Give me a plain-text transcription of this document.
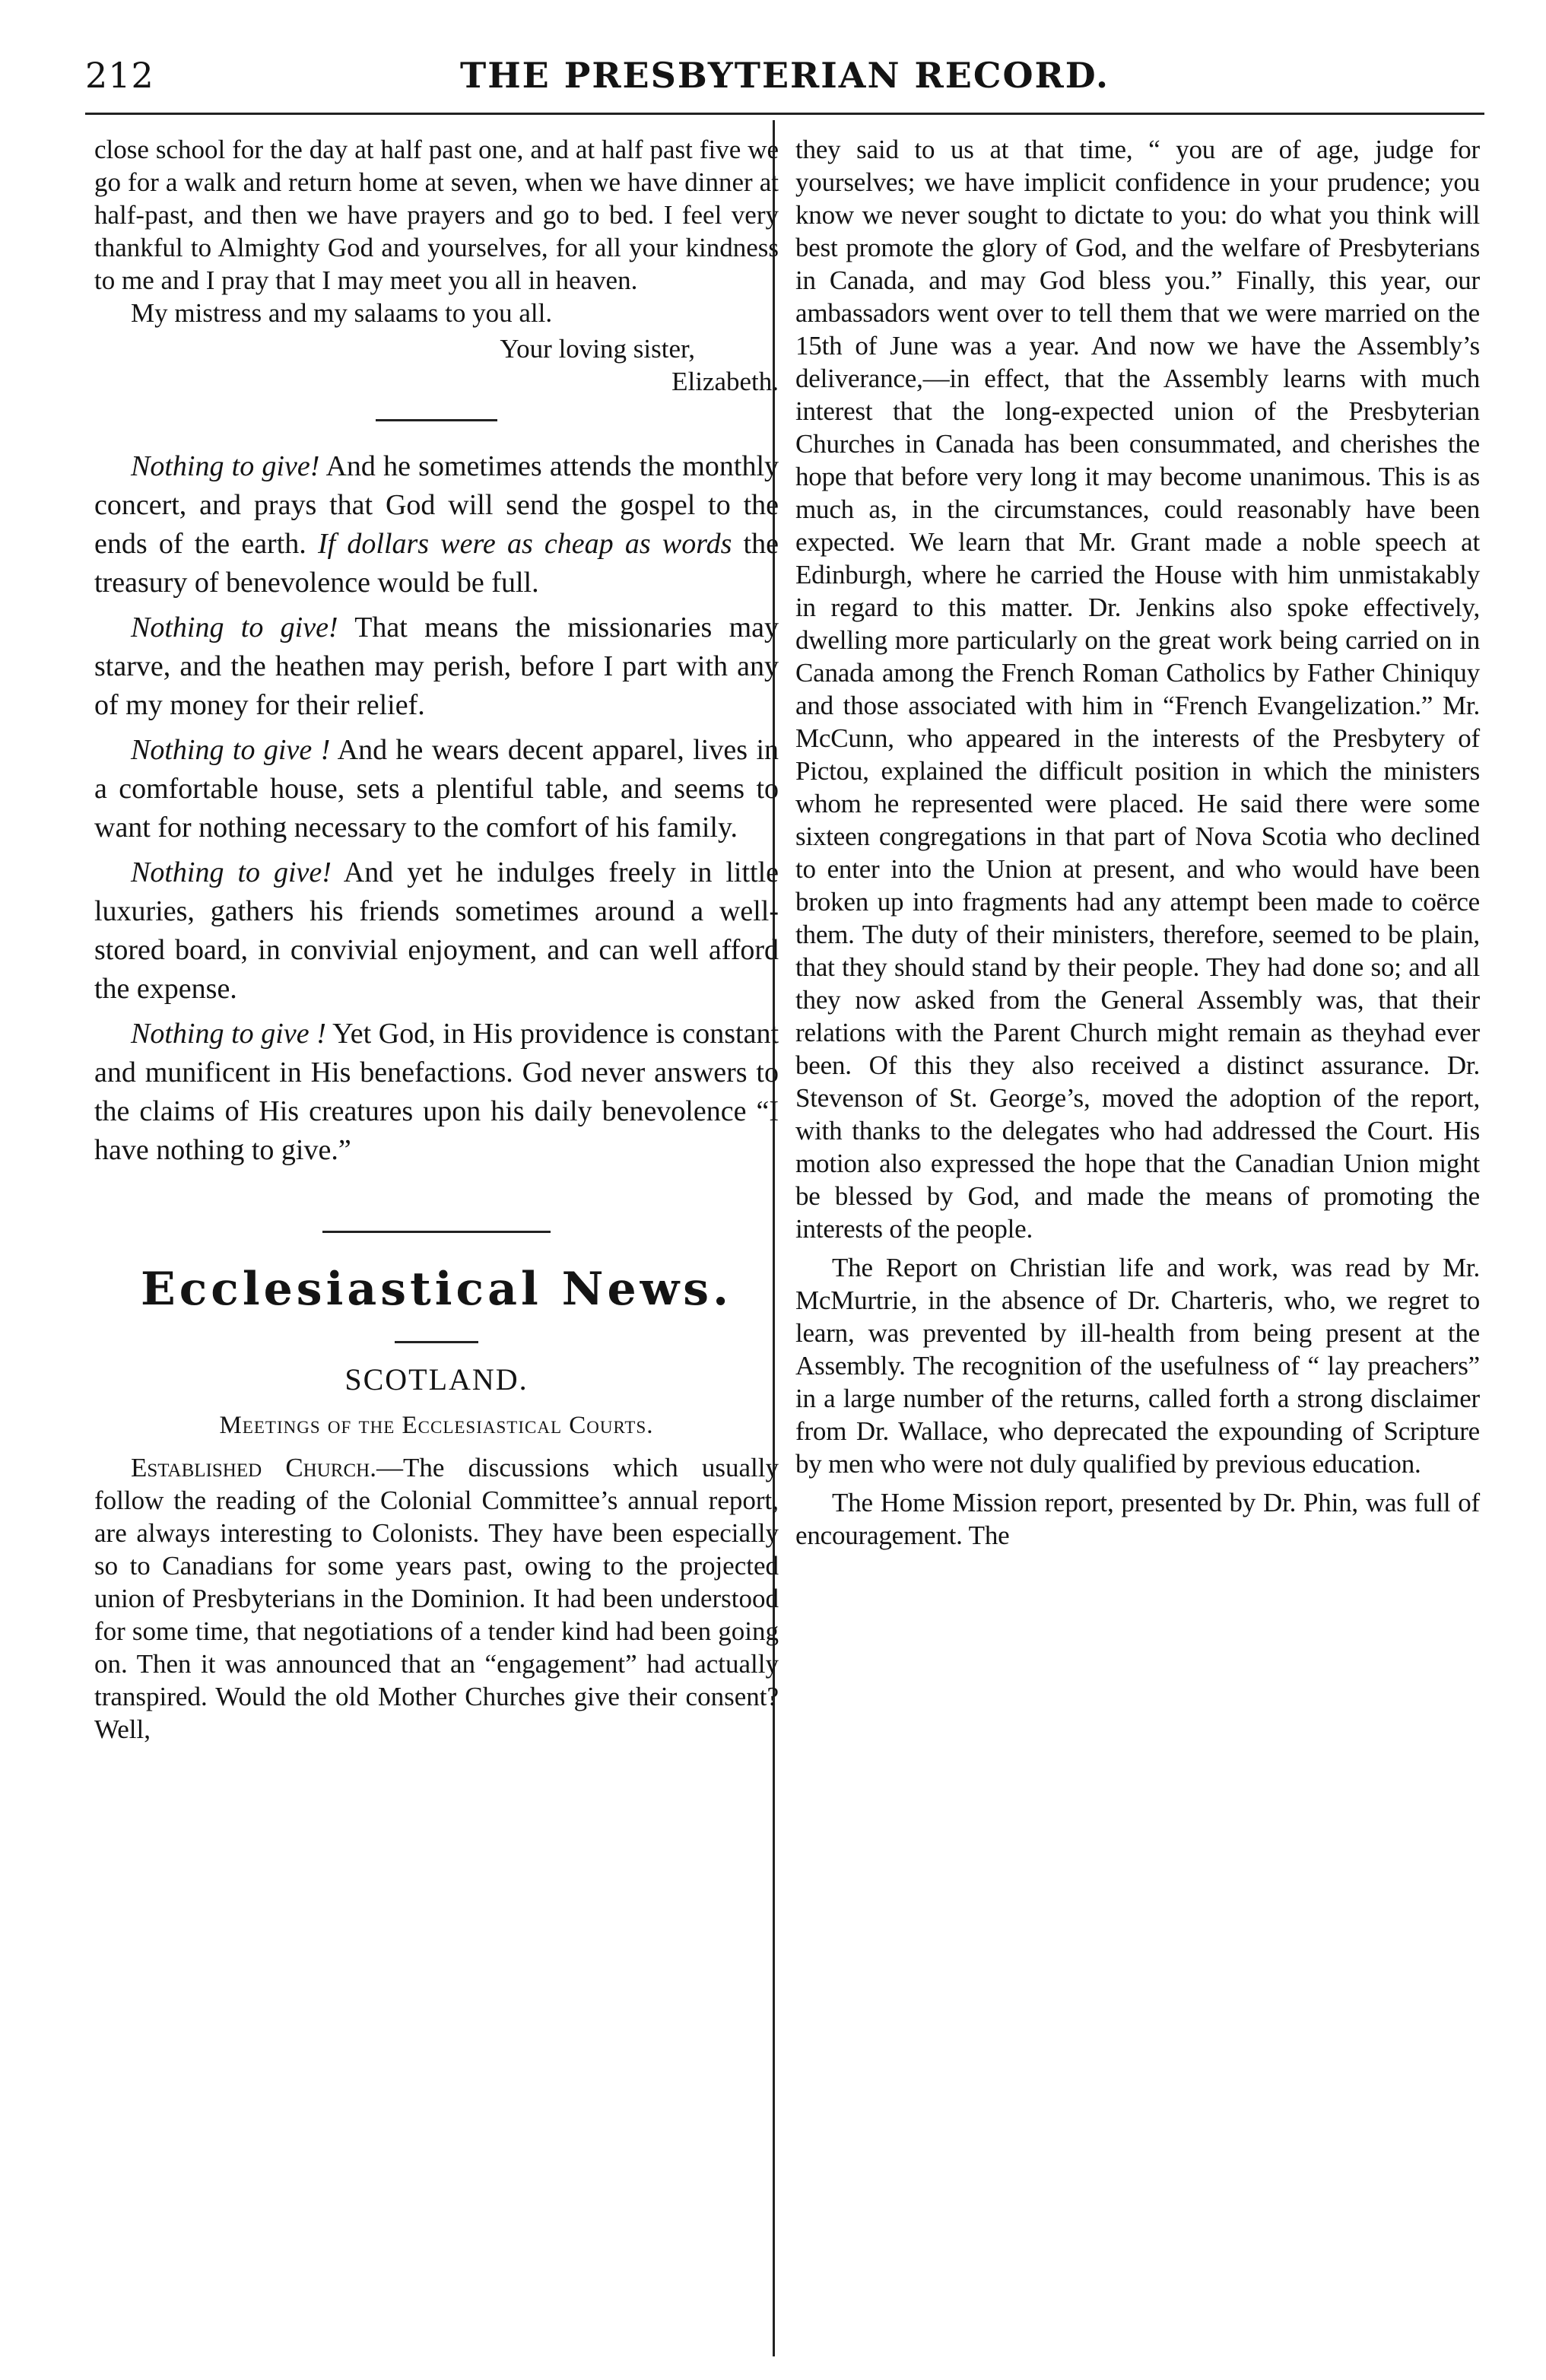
212	THE PRESBYTERIAN RECORD.

close school for the day at half past one, and at half past five we go for a walk and return home at seven, when we have dinner at half-past, and then we have prayers and go to bed. I feel very thankful to Almighty God and yourselves, for all your kindness to me and I pray that I may meet you all in heaven.

My mistress and my salaams to you all.

Your loving sister,

Elizabeth.

Nothing to give! And he sometimes attends the monthly concert, and prays that God will send the gospel to the ends of the earth. If dollars were as cheap as words the treasury of benevolence would be full.

Nothing to give! That means the missionaries may starve, and the heathen may perish, before I part with any of my money for their relief.

Nothing to give ! And he wears decent apparel, lives in a comfortable house, sets a plentiful table, and seems to want for nothing necessary to the comfort of his family.

Nothing to give! And yet he indulges freely in little luxuries, gathers his friends sometimes around a well-stored board, in convivial enjoyment, and can well afford the expense.

Nothing to give ! Yet God, in His providence is constant and munificent in His benefactions. God never answers to the claims of His creatures upon his daily benevolence “I have nothing to give.”

Ecclesiastical News.
SCOTLAND.
Meetings of the Ecclesiastical Courts.

Established Church.—The discussions which usually follow the reading of the Colonial Committee’s annual report, are always interesting to Colonists. They have been especially so to Canadians for some years past, owing to the projected union of Presbyterians in the Dominion. It had been understood for some time, that negotiations of a tender kind had been going on. Then it was announced that an “engagement” had actually transpired. Would the old Mother Churches give their consent? Well,

they said to us at that time, “ you are of age, judge for yourselves; we have implicit confidence in your prudence; you know we never sought to dictate to you: do what you think will best promote the glory of God, and the welfare of Presbyterians in Canada, and may God bless you.” Finally, this year, our ambassadors went over to tell them that we were married on the 15th of June was a year. And now we have the Assembly’s deliverance,—in effect, that the Assembly learns with much interest that the long-expected union of the Presbyterian Churches in Canada has been consummated, and cherishes the hope that before very long it may become unanimous. This is as much as, in the circumstances, could reasonably have been expected. We learn that Mr. Grant made a noble speech at Edinburgh, where he carried the House with him unmistakably in regard to this matter. Dr. Jenkins also spoke effectively, dwelling more particularly on the great work being carried on in Canada among the French Roman Catholics by Father Chiniquy and those associated with him in “French Evangelization.” Mr. McCunn, who appeared in the interests of the Presbytery of Pictou, explained the difficult position in which the ministers whom he represented were placed. He said there were some sixteen congregations in that part of Nova Scotia who declined to enter into the Union at present, and who would have been broken up into fragments had any attempt been made to coërce them. The duty of their ministers, therefore, seemed to be plain, that they should stand by their people. They had done so; and all they now asked from the General Assembly was, that their relations with the Parent Church might remain as theyhad ever been. Of this they also received a distinct assurance. Dr. Stevenson of St. George’s, moved the adoption of the report, with thanks to the delegates who had addressed the Court. His motion also expressed the hope that the Canadian Union might be blessed by God, and made the means of promoting the interests of the people.

The Report on Christian life and work, was read by Mr. McMurtrie, in the absence of Dr. Charteris, who, we regret to learn, was prevented by ill-health from being present at the Assembly. The recognition of the usefulness of “ lay preachers” in a large number of the returns, called forth a strong disclaimer from Dr. Wallace, who deprecated the expounding of Scripture by men who were not duly qualified by previous education.

The Home Mission report, presented by Dr. Phin, was full of encouragement. The
